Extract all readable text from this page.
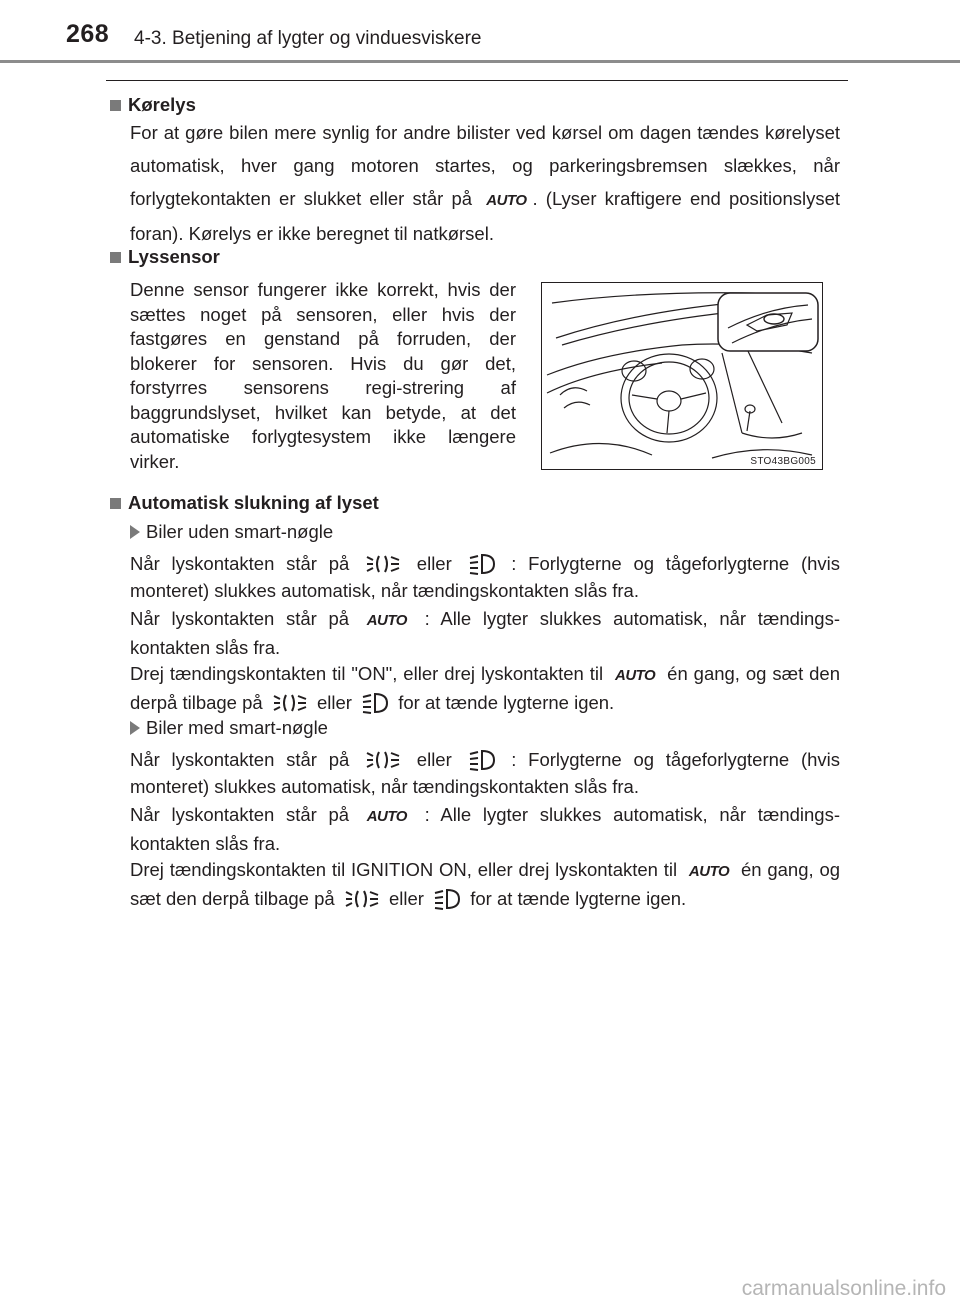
268 4-3. Betjening af lygter og vinduesviskere
Kørelys
For at gøre bilen mere synlig for andre bilister ved kørsel om dagen tændes kørelyset automatisk, hver gang motoren startes, og parkeringsbremsen slækkes, når forlygtekontakten er slukket eller står på AUTO . (Lyser kraftigere end positionslyset foran). Kørelys er ikke beregnet til natkørsel.
Lyssensor
Denne sensor fungerer ikke korrekt, hvis der sættes noget på sensoren, eller hvis der fastgøres en genstand på forruden, der blokerer for sensoren. Hvis du gør det, forstyrres sensorens regi-strering af baggrundslyset, hvilket kan betyde, at det automatiske forlygtesystem ikke længere virker.	STO43BG005
Automatisk slukning af lyset
Biler uden smart-nøgle
Når lyskontakten står på	eller	: Forlygterne og tågeforlygterne (hvis monteret) slukkes automatisk, når tændingskontakten slås fra.
Når lyskontakten står på AUTO : Alle lygter slukkes automatisk, når tændings-kontakten slås fra.
Drej tændingskontakten til "ON", eller drej lyskontakten til AUTO én gang, og sæt den derpå tilbage på	eller	for at tænde lygterne igen.
Biler med smart-nøgle
Når lyskontakten står på	eller	: Forlygterne og tågeforlygterne (hvis monteret) slukkes automatisk, når tændingskontakten slås fra.
Når lyskontakten står på AUTO : Alle lygter slukkes automatisk, når tændings-kontakten slås fra.
Drej tændingskontakten til IGNITION ON, eller drej lyskontakten til AUTO én gang, og sæt den derpå tilbage på	eller	for at tænde lygterne igen.
carmanualsonline.info
